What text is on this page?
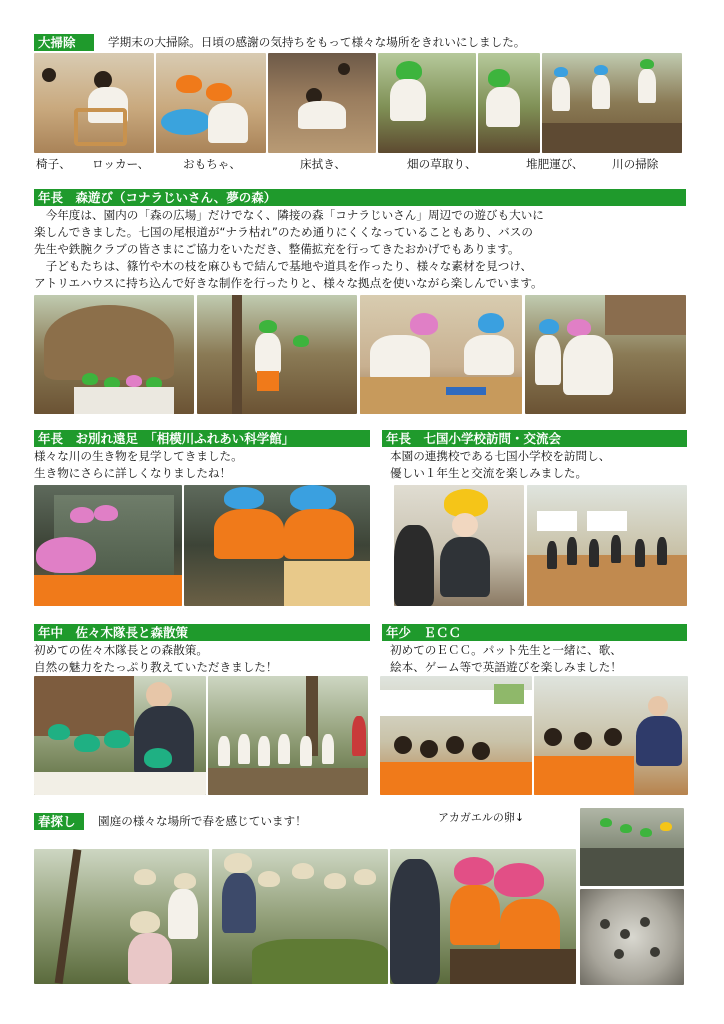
大掃除	学期末の大掃除。日頃の感謝の気持ちをもって様々な場所をきれいにしました。
椅子、 ロッカー、	おもちゃ、	床拭き、	畑の草取り、	堆肥運び、 川の掃除
年長　森遊び（コナラじいさん、夢の森）
　今年度は、園内の「森の広場」だけでなく、隣接の森「コナラじいさん」周辺での遊びも大いに
楽しんできました。七国の尾根道が“ナラ枯れ”のため通りにくくなっていることもあり、バスの
先生や鉄腕クラブの皆さまにご協力をいただき、整備拡充を行ってきたおかげでもあります。
　子どもたちは、篠竹や木の枝を麻ひもで結んで基地や道具を作ったり、様々な素材を見つけ、
アトリエハウスに持ち込んで好きな制作を行ったりと、様々な拠点を使いながら楽しんでいます。
年長　お別れ遠足　「相模川ふれあい科学館」
様々な川の生き物を見学してきました。
生き物にさらに詳しくなりましたね！
年長　七国小学校訪問・交流会
本園の連携校である七国小学校を訪問し、
優しい１年生と交流を楽しみました。
年中　佐々木隊長と森散策
初めての佐々木隊長との森散策。
自然の魅力をたっぷり教えていただきました！
年少　ＥＣＣ
初めてのＥＣＣ。パット先生と一緒に、歌、
絵本、ゲーム等で英語遊びを楽しみました！
春探し	園庭の様々な場所で春を感じています！	アカガエルの卵↓
